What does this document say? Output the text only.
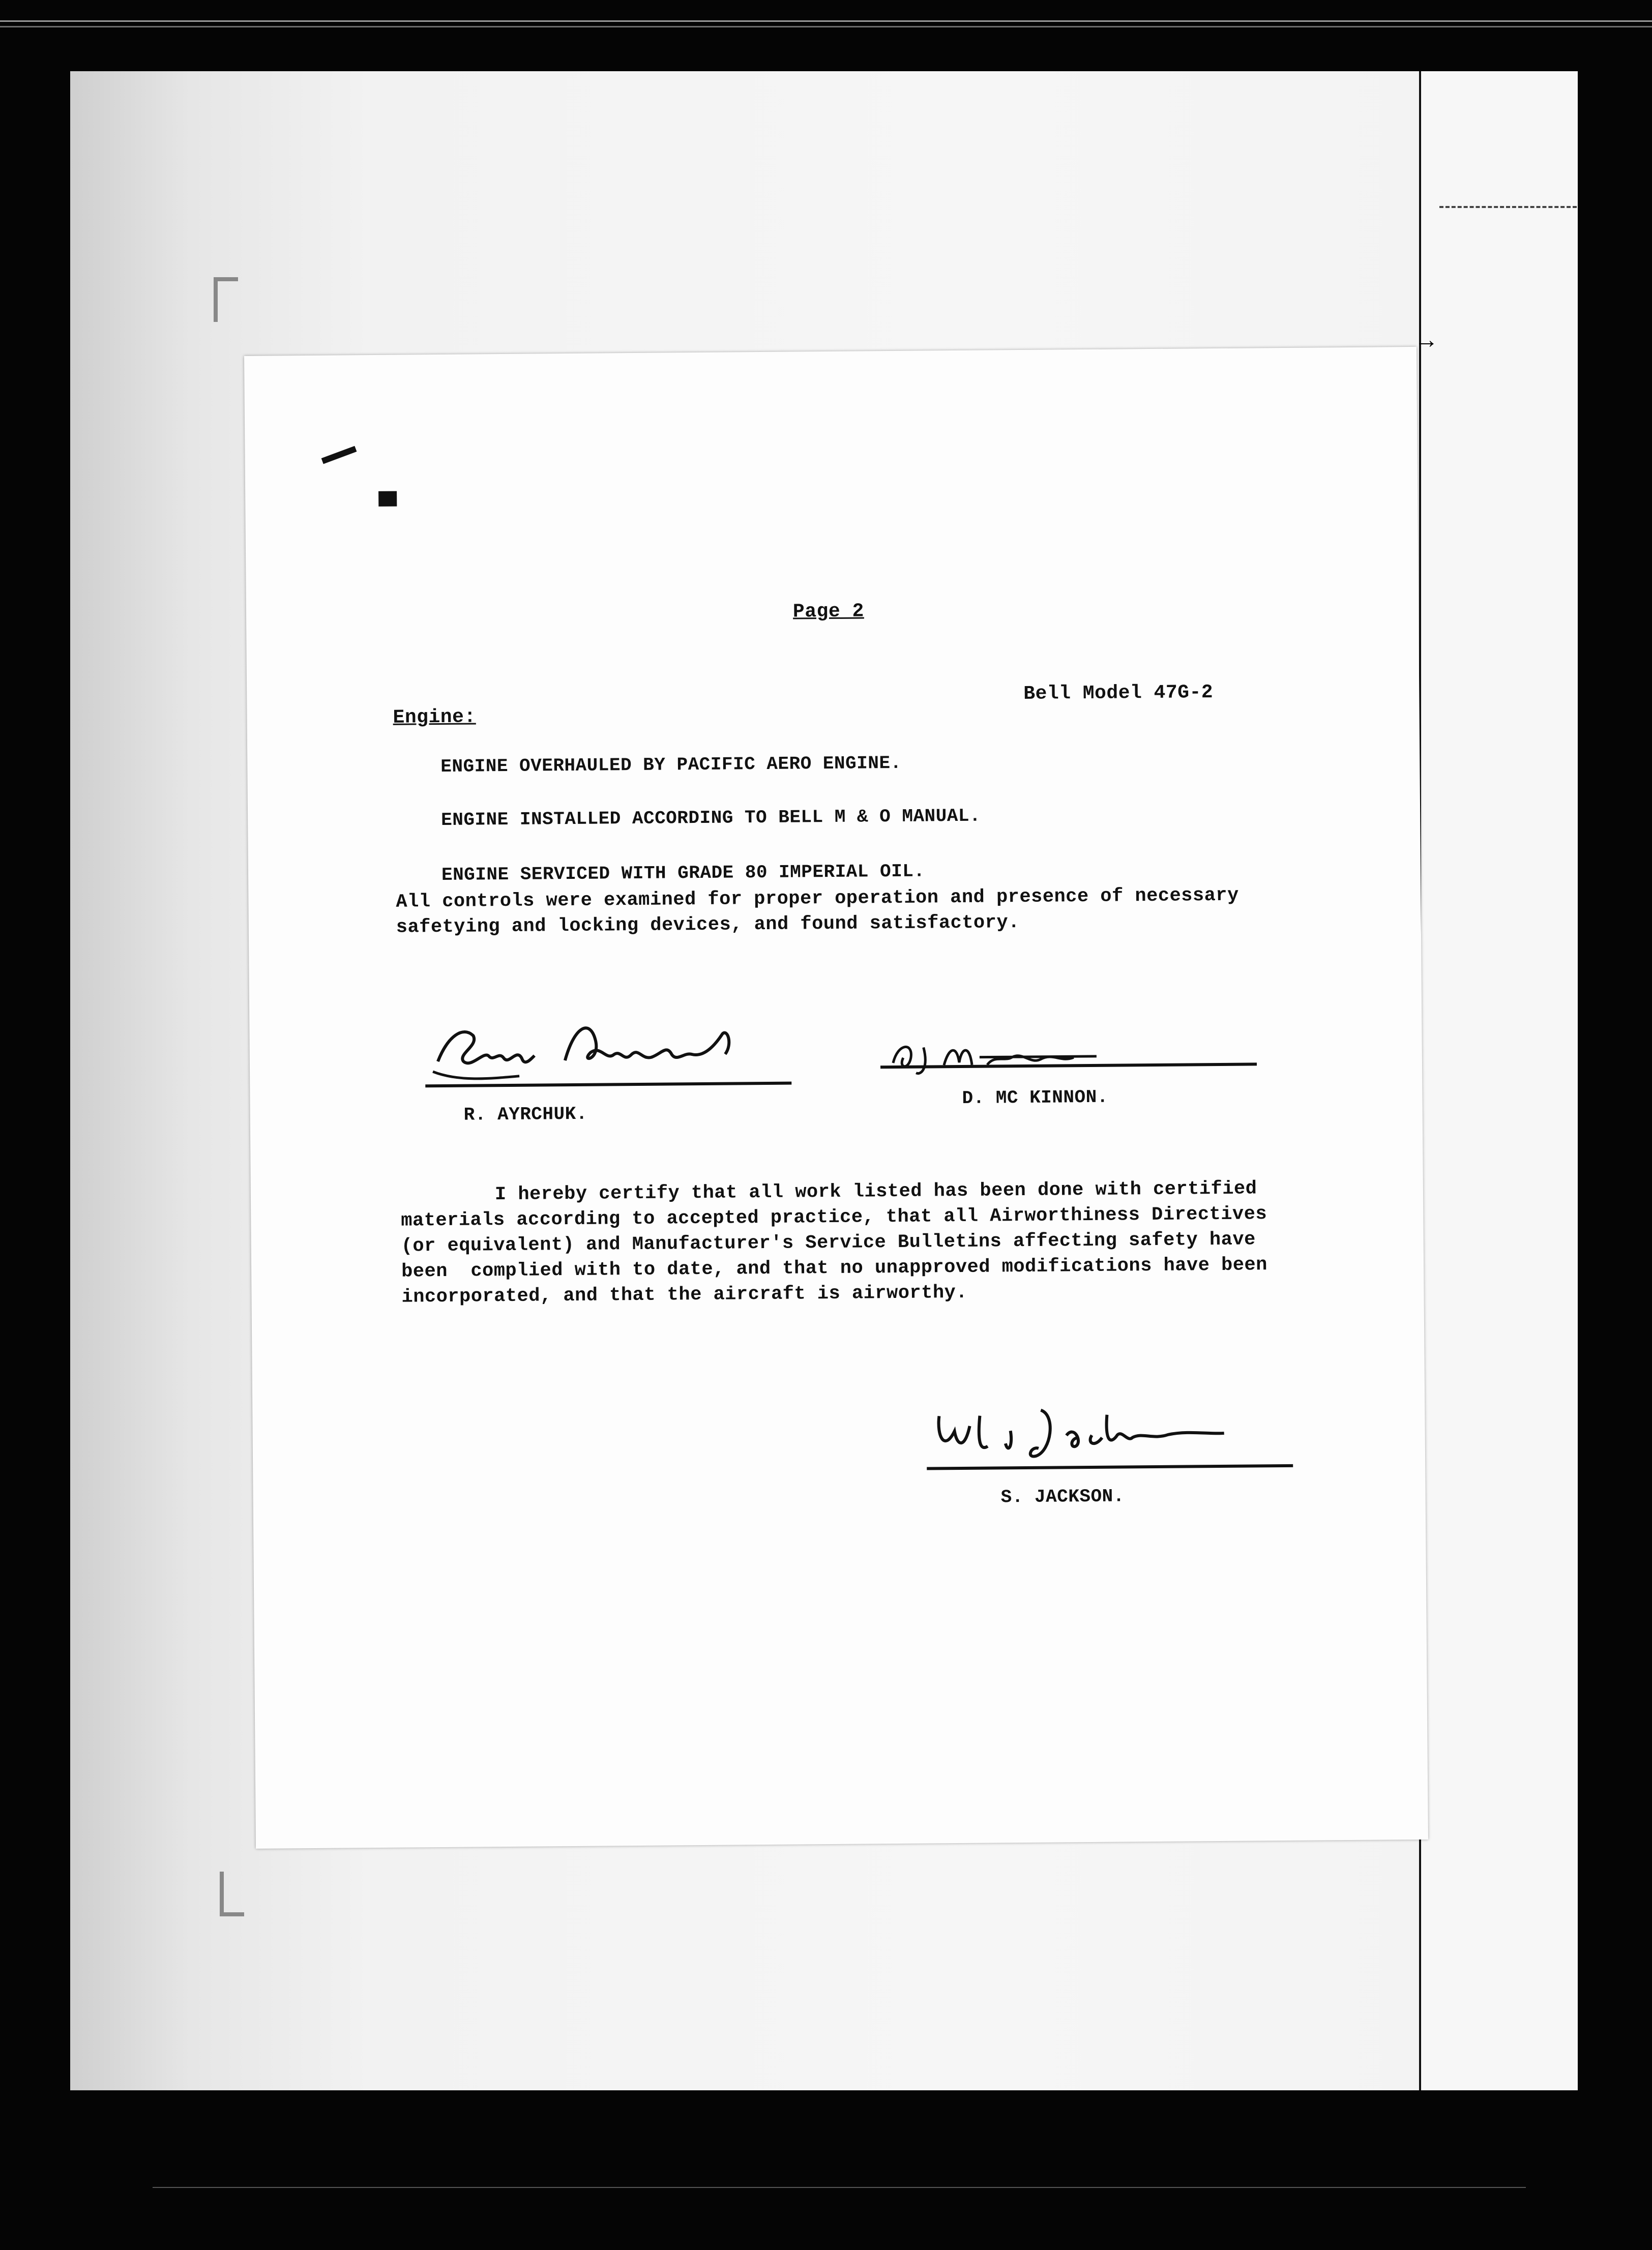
→
Page 2
Bell Model 47G-2
Engine:
ENGINE OVERHAULED BY PACIFIC AERO ENGINE.
ENGINE INSTALLED ACCORDING TO BELL M & O MANUAL.
ENGINE SERVICED WITH GRADE 80 IMPERIAL OIL.
All controls were examined for proper operation and presence of necessary
safetying and locking devices, and found satisfactory.
R. AYRCHUK.
D. MC KINNON.
I hereby certify that all work listed has been done with certified
materials according to accepted practice, that all Airworthiness Directives
(or equivalent) and Manufacturer's Service Bulletins affecting safety have
been  complied with to date, and that no unapproved modifications have been
incorporated, and that the aircraft is airworthy.
S. JACKSON.
